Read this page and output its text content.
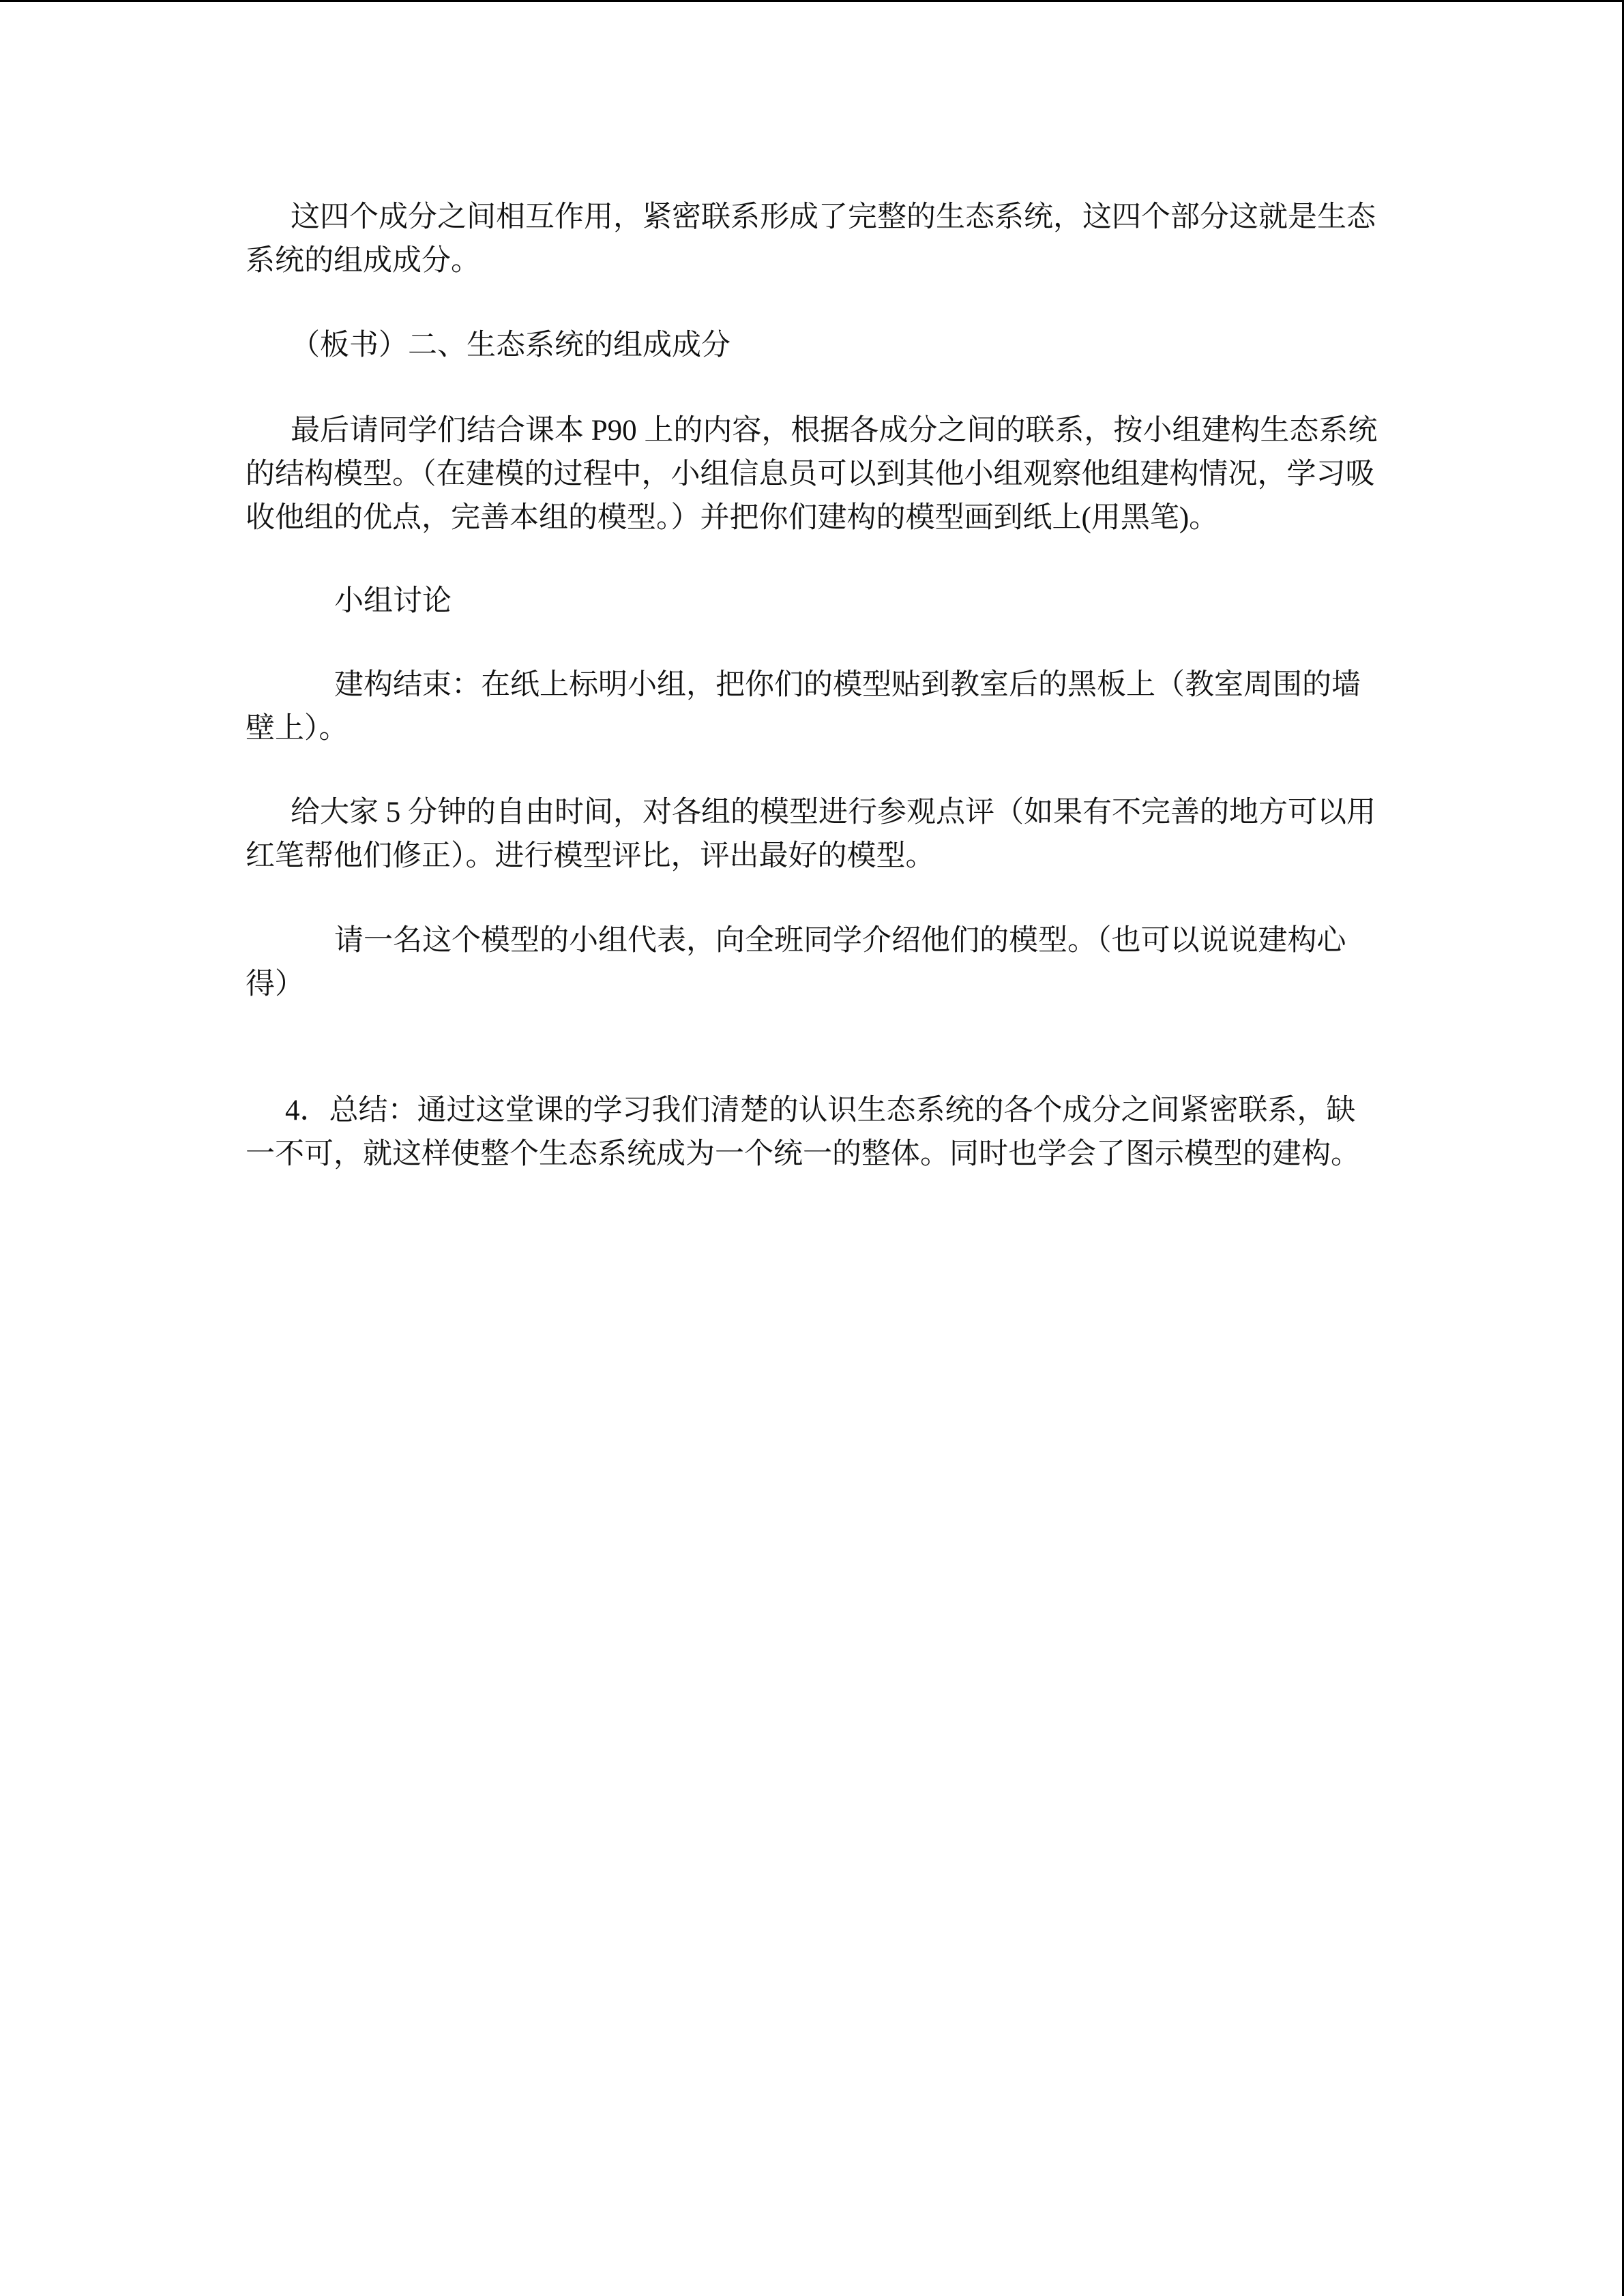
这四个成分之间相互作用，紧密联系形成了完整的生态系统，这四个部分这就是生态系统的组成成分。

（板书）二、生态系统的组成成分

最后请同学们结合课本 P90 上的内容，根据各成分之间的联系，按小组建构生态系统的结构模型。（在建模的过程中，小组信息员可以到其他小组观察他组建构情况，学习吸收他组的优点，完善本组的模型。）并把你们建构的模型画到纸上(用黑笔)。

小组讨论

建构结束：在纸上标明小组，把你们的模型贴到教室后的黑板上（教室周围的墙壁上）。

给大家 5 分钟的自由时间，对各组的模型进行参观点评（如果有不完善的地方可以用红笔帮他们修正）。进行模型评比，评出最好的模型。

请一名这个模型的小组代表，向全班同学介绍他们的模型。（也可以说说建构心得）

4．总结：通过这堂课的学习我们清楚的认识生态系统的各个成分之间紧密联系，缺一不可，就这样使整个生态系统成为一个统一的整体。同时也学会了图示模型的建构。
